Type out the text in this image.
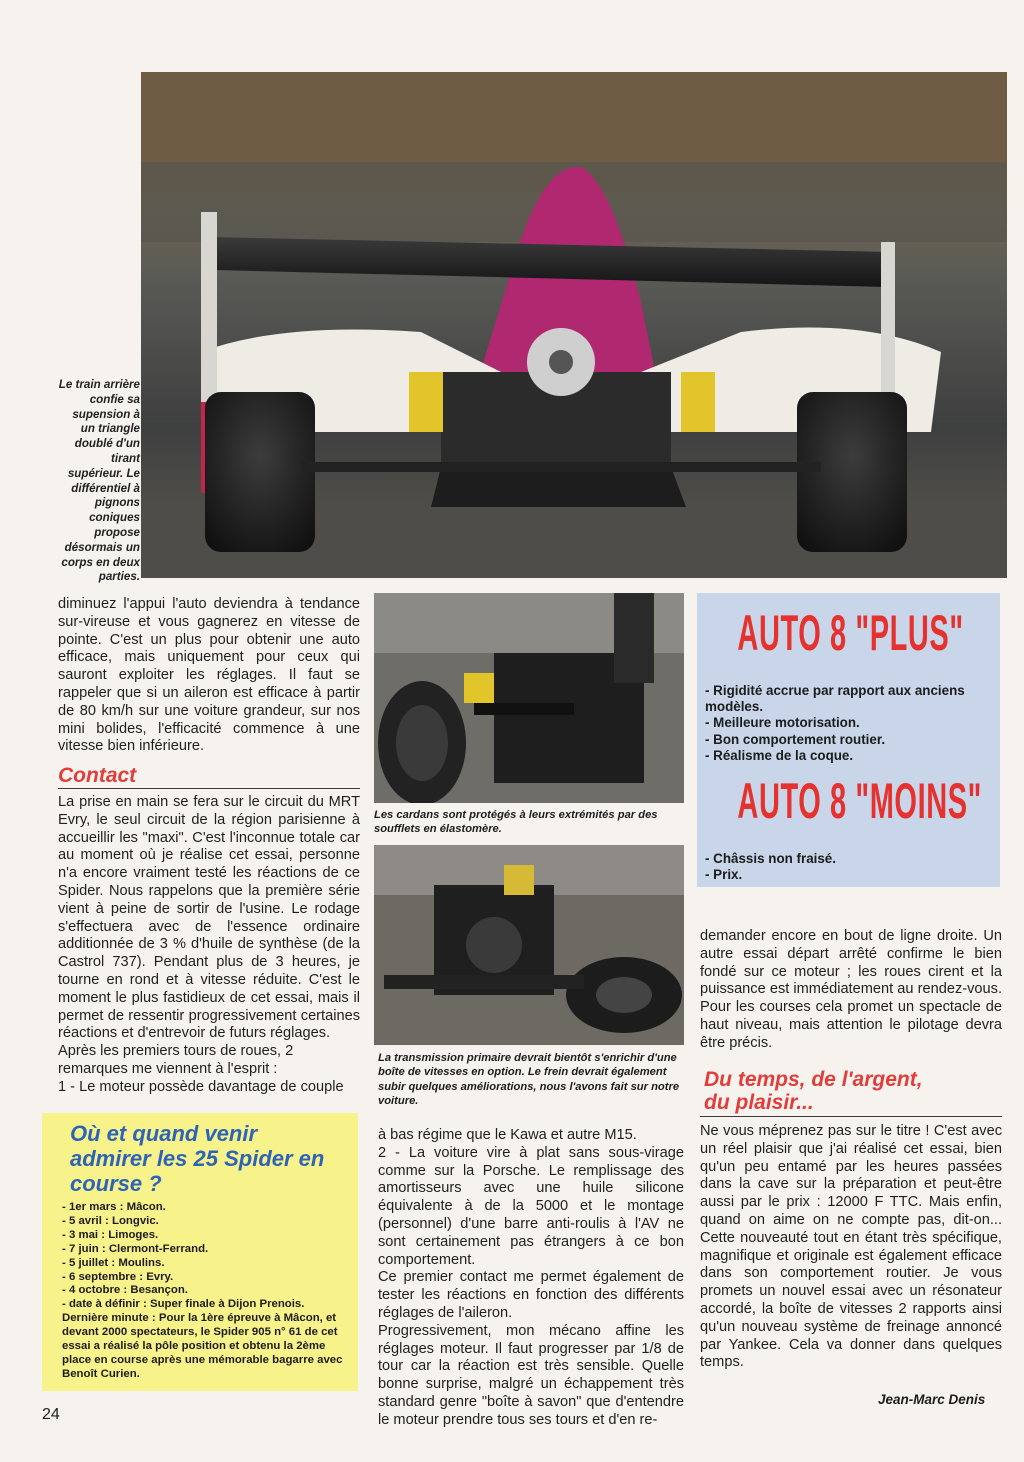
Le train arrière confie sa supension à un triangle doublé d'un tirant supérieur. Le différentiel à pignons coniques propose désormais un corps en deux parties.

diminuez l'appui l'auto deviendra à tendance sur-vireuse et vous gagnerez en vitesse de pointe. C'est un plus pour obtenir une auto efficace, mais uniquement pour ceux qui sauront exploiter les réglages. Il faut se rappeler que si un aileron est efficace à partir de 80 km/h sur une voiture grandeur, sur nos mini bolides, l'efficacité commence à une vitesse bien inférieure.

Contact

La prise en main se fera sur le circuit du MRT Evry, le seul circuit de la région parisienne à accueillir les "maxi". C'est l'inconnue totale car au moment où je réalise cet essai, personne n'a encore vraiment testé les réactions de ce Spider. Nous rappelons que la première série vient à peine de sortir de l'usine. Le rodage s'effectuera avec de l'essence ordinaire additionnée de 3 % d'huile de synthèse (de la Castrol 737). Pendant plus de 3 heures, je tourne en rond et à vitesse réduite. C'est le moment le plus fastidieux de cet essai, mais il permet de ressentir progressivement certaines réactions et d'entrevoir de futurs réglages.

Après les premiers tours de roues, 2 remarques me viennent à l'esprit :

1 - Le moteur possède davantage de couple

Où et quand venir admirer les 25 Spider en course ?
- 1er mars : Mâcon.
- 5 avril : Longvic.
- 3 mai : Limoges.
- 7 juin : Clermont-Ferrand.
- 5 juillet : Moulins.
- 6 septembre : Evry.
- 4 octobre : Besançon.
- date à définir : Super finale à Dijon Prenois.
Dernière minute : Pour la 1ère épreuve à Mâcon, et devant 2000 spectateurs, le Spider 905 n° 61 de cet essai a réalisé la pôle position et obtenu la 2ème place en course après une mémorable bagarre avec Benoît Curien.
Les cardans sont protégés à leurs extrémités par des soufflets en élastomère.
La transmission primaire devrait bientôt s'enrichir d'une boîte de vitesses en option. Le frein devrait également subir quelques améliorations, nous l'avons fait sur notre voiture.

à bas régime que le Kawa et autre M15.

2 - La voiture vire à plat sans sous-virage comme sur la Porsche. Le remplissage des amortisseurs avec une huile silicone équivalente à de la 5000 et le montage (personnel) d'une barre anti-roulis à l'AV ne sont certainement pas étrangers à ce bon comportement.

Ce premier contact me permet également de tester les réactions en fonction des différents réglages de l'aileron.

Progressivement, mon mécano affine les réglages moteur. Il faut progresser par 1/8 de tour car la réaction est très sensible. Quelle bonne surprise, malgré un échappement très standard genre "boîte à savon" que d'entendre le moteur prendre tous ses tours et d'en re-

AUTO 8 "PLUS"
- Rigidité accrue par rapport aux anciens modèles.
- Meilleure motorisation.
- Bon comportement routier.
- Réalisme de la coque.
AUTO 8 "MOINS"
- Châssis non fraisé.
- Prix.

demander encore en bout de ligne droite. Un autre essai départ arrêté confirme le bien fondé sur ce moteur ; les roues cirent et la puissance est immédiatement au rendez-vous. Pour les courses cela promet un spectacle de haut niveau, mais attention le pilotage devra être précis.

Du temps, de l'argent,
du plaisir...

Ne vous méprenez pas sur le titre ! C'est avec un réel plaisir que j'ai réalisé cet essai, bien qu'un peu entamé par les heures passées dans la cave sur la préparation et peut-être aussi par le prix : 12000 F TTC. Mais enfin, quand on aime on ne compte pas, dit-on... Cette nouveauté tout en étant très spécifique, magnifique et originale est également efficace dans son comportement routier. Je vous promets un nouvel essai avec un résonateur accordé, la boîte de vitesses 2 rapports ainsi qu'un nouveau système de freinage annoncé par Yankee. Cela va donner dans quelques temps.

Jean-Marc Denis
24
